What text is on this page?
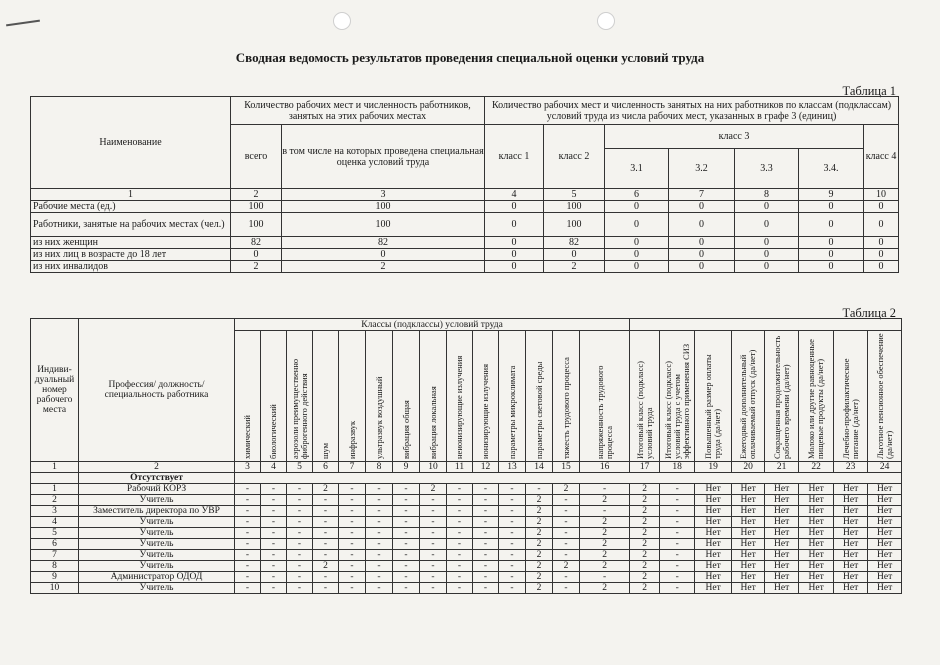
Сводная ведомость результатов проведения специальной оценки условий труда
Таблица 1
Наименование	Количество рабочих мест и численность работников, занятых на этих рабочих местах		Количество рабочих мест и численность занятых на них работников по классам (подклассам) условий труда из числа рабочих мест, указанных в графе 3 (единиц)						
	всего	в том числе на которых проведена специальная оценка условий труда	класс 1	класс 2	класс 3				класс 4
					3.1	3.2	3.3	3.4.	
1	2	3	4	5	6	7	8	9	10
Рабочие места (ед.)	100	100	0	100	0	0	0	0	0
Работники, занятые на рабочих местах (чел.)	100	100	0	100	0	0	0	0	0
из них женщин	82	82	0	82	0	0	0	0	0
из них лиц в возрасте до 18 лет	0	0	0	0	0	0	0	0	0
из них инвалидов	2	2	0	2	0	0	0	0	0
Таблица 2
Индиви-дуальный номер рабочего места	Профессия/ должность/ специальность работника	Классы (подклассы) условий труда																					

		химический	биологический	аэрозоли преимущественно фиброгенного действия	шум	инфразвук	ультразвук воздушный	вибрация общая	вибрация локальная	неионизирующие излучения	ионизирующие излучения	параметры микроклимата	параметры световой среды	тяжесть трудового процесса	напряженность трудового процесса	Итоговый класс (подкласс) условий труда	Итоговый класс (подкласс) условий труда с учетом эффективного применения СИЗ	Повышенный размер оплаты труда (да/нет)	Ежегодный дополнительный оплачиваемый отпуск (да/нет)	Сокращенная продолжительность рабочего времени (да/нет)	Молоко или другие равноценные пищевые продукты (да/нет)	Лечебно-профилактическое питание (да/нет)	Льготное пенсионное обеспечение (да/нет)

1	2	3	4	5	6	7	8	9	10	11	12	13	14	15	16	17	18	19	20	21	22	23	24
	Отсутствует																						
1	Рабочий КОРЗ	-	-	-	2	-	-	-	2	-	-	-	-	2	-	2	-	Нет	Нет	Нет	Нет	Нет	Нет
2	Учитель	-	-	-	-	-	-	-	-	-	-	-	2	-	2	2	-	Нет	Нет	Нет	Нет	Нет	Нет
3	Заместитель директора по УВР	-	-	-	-	-	-	-	-	-	-	-	2	-	-	2	-	Нет	Нет	Нет	Нет	Нет	Нет
4	Учитель	-	-	-	-	-	-	-	-	-	-	-	2	-	2	2	-	Нет	Нет	Нет	Нет	Нет	Нет
5	Учитель	-	-	-	-	-	-	-	-	-	-	-	2	-	2	2	-	Нет	Нет	Нет	Нет	Нет	Нет
6	Учитель	-	-	-	-	-	-	-	-	-	-	-	2	-	2	2	-	Нет	Нет	Нет	Нет	Нет	Нет
7	Учитель	-	-	-	-	-	-	-	-	-	-	-	2	-	2	2	-	Нет	Нет	Нет	Нет	Нет	Нет
8	Учитель	-	-	-	2	-	-	-	-	-	-	-	2	2	2	2	-	Нет	Нет	Нет	Нет	Нет	Нет
9	Администратор ОДОД	-	-	-	-	-	-	-	-	-	-	-	2	-	-	2	-	Нет	Нет	Нет	Нет	Нет	Нет
10	Учитель	-	-	-	-	-	-	-	-	-	-	-	2	-	2	2	-	Нет	Нет	Нет	Нет	Нет	Нет
